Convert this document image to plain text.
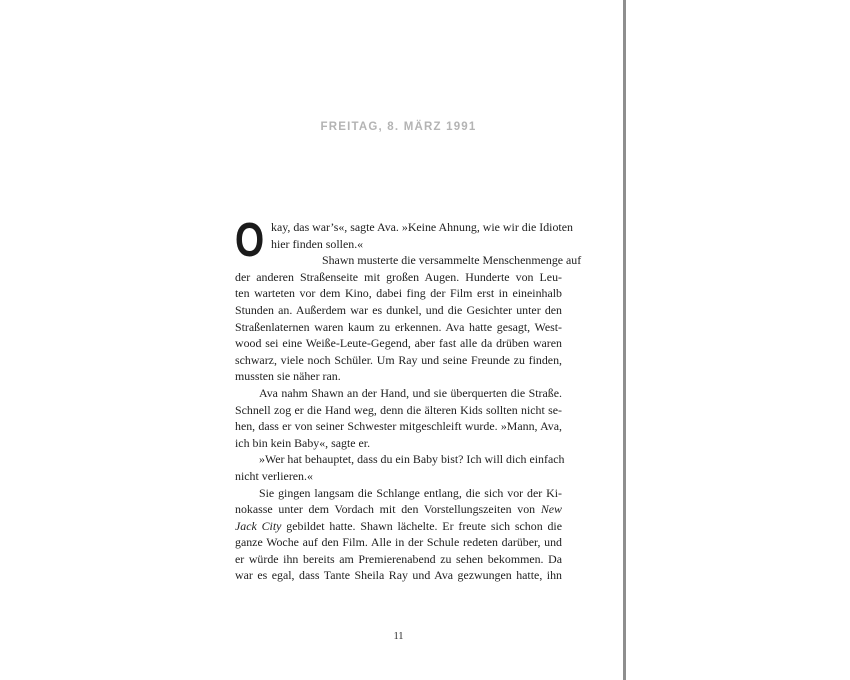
FREITAG, 8. MÄRZ 1991

O kay, das war’s«, sagte Ava. »Keine Ahnung, wie wir die Idioten
hier finden sollen.«

Shawn musterte die versammelte Menschenmenge auf
der anderen Straßenseite mit großen Augen. Hunderte von Leu-
ten warteten vor dem Kino, dabei fing der Film erst in eineinhalb
Stunden an. Außerdem war es dunkel, und die Gesichter unter den
Straßenlaternen waren kaum zu erkennen. Ava hatte gesagt, West-
wood sei eine Weiße-Leute-Gegend, aber fast alle da drüben waren
schwarz, viele noch Schüler. Um Ray und seine Freunde zu finden,
mussten sie näher ran.

Ava nahm Shawn an der Hand, und sie überquerten die Straße.
Schnell zog er die Hand weg, denn die älteren Kids sollten nicht se-
hen, dass er von seiner Schwester mitgeschleift wurde. »Mann, Ava,
ich bin kein Baby«, sagte er.

»Wer hat behauptet, dass du ein Baby bist? Ich will dich einfach
nicht verlieren.«

Sie gingen langsam die Schlange entlang, die sich vor der Ki-
nokasse unter dem Vordach mit den Vorstellungszeiten von New
Jack City gebildet hatte. Shawn lächelte. Er freute sich schon die
ganze Woche auf den Film. Alle in der Schule redeten darüber, und
er würde ihn bereits am Premierenabend zu sehen bekommen. Da
war es egal, dass Tante Sheila Ray und Ava gezwungen hatte, ihn

11
